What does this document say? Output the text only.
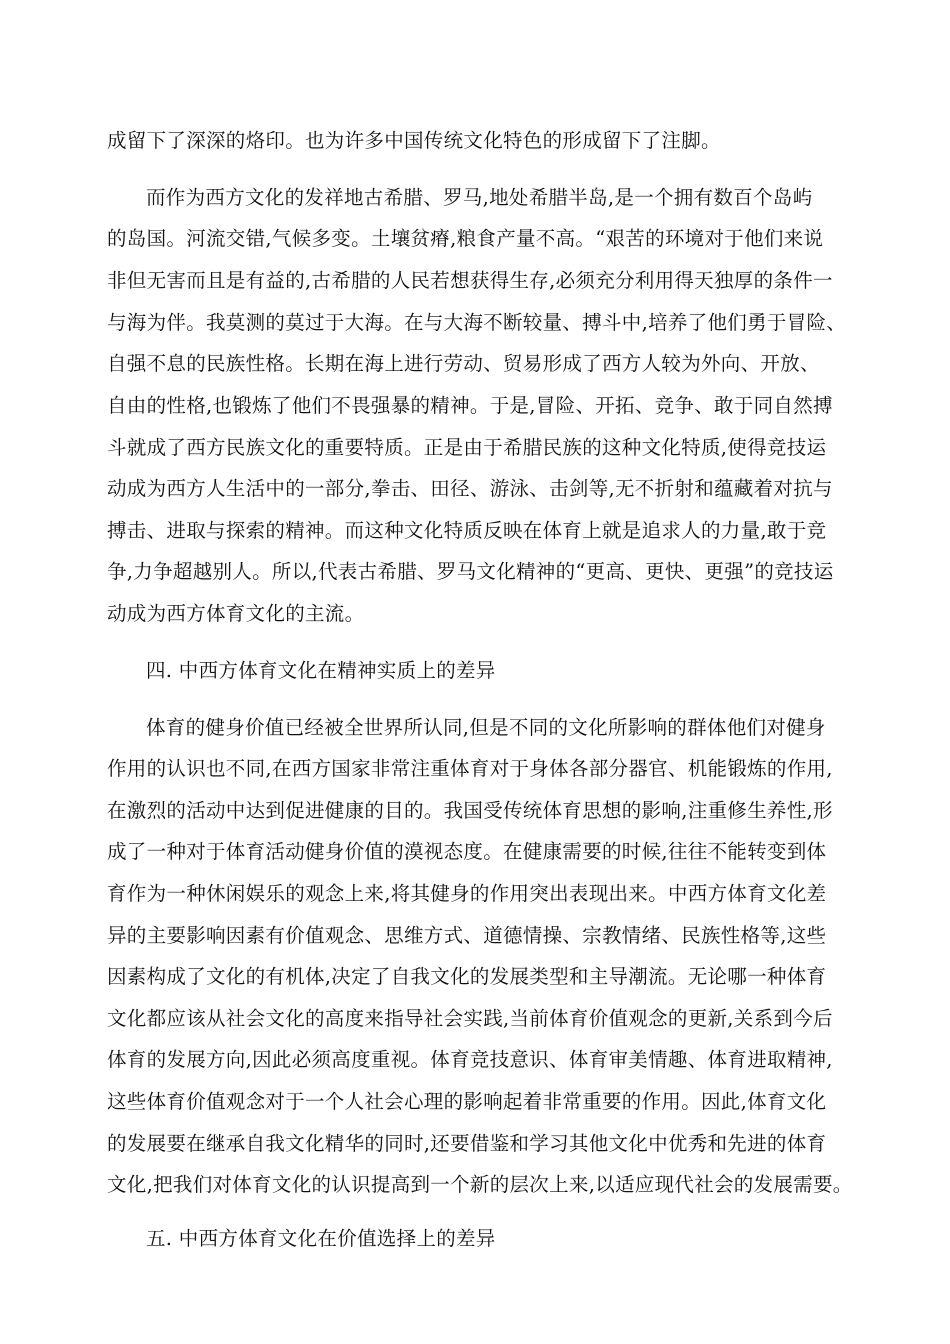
成留下了深深的烙印。也为许多中国传统文化特色的形成留下了注脚。
而作为西方文化的发祥地古希腊、罗马,地处希腊半岛,是一个拥有数百个岛屿
的岛国。河流交错,气候多变。土壤贫瘠,粮食产量不高。“艰苦的环境对于他们来说
非但无害而且是有益的,古希腊的人民若想获得生存,必须充分利用得天独厚的条件一
与海为伴。我莫测的莫过于大海。在与大海不断较量、搏斗中,培养了他们勇于冒险、
自强不息的民族性格。长期在海上进行劳动、贸易形成了西方人较为外向、开放、
自由的性格,也锻炼了他们不畏强暴的精神。于是,冒险、开拓、竞争、敢于同自然搏
斗就成了西方民族文化的重要特质。正是由于希腊民族的这种文化特质,使得竞技运
动成为西方人生活中的一部分,拳击、田径、游泳、击剑等,无不折射和蕴藏着对抗与
搏击、进取与探索的精神。而这种文化特质反映在体育上就是追求人的力量,敢于竞
争,力争超越别人。所以,代表古希腊、罗马文化精神的“更高、更快、更强”的竞技运
动成为西方体育文化的主流。
四. 中西方体育文化在精神实质上的差异
体育的健身价值已经被全世界所认同,但是不同的文化所影响的群体他们对健身
作用的认识也不同,在西方国家非常注重体育对于身体各部分器官、机能锻炼的作用,
在激烈的活动中达到促进健康的目的。我国受传统体育思想的影响,注重修生养性,形
成了一种对于体育活动健身价值的漠视态度。在健康需要的时候,往往不能转变到体
育作为一种休闲娱乐的观念上来,将其健身的作用突出表现出来。中西方体育文化差
异的主要影响因素有价值观念、思维方式、道德情操、宗教情绪、民族性格等,这些
因素构成了文化的有机体,决定了自我文化的发展类型和主导潮流。无论哪一种体育
文化都应该从社会文化的高度来指导社会实践,当前体育价值观念的更新,关系到今后
体育的发展方向,因此必须高度重视。体育竞技意识、体育审美情趣、体育进取精神,
这些体育价值观念对于一个人社会心理的影响起着非常重要的作用。因此,体育文化
的发展要在继承自我文化精华的同时,还要借鉴和学习其他文化中优秀和先进的体育
文化,把我们对体育文化的认识提高到一个新的层次上来,以适应现代社会的发展需要。
五. 中西方体育文化在价值选择上的差异
